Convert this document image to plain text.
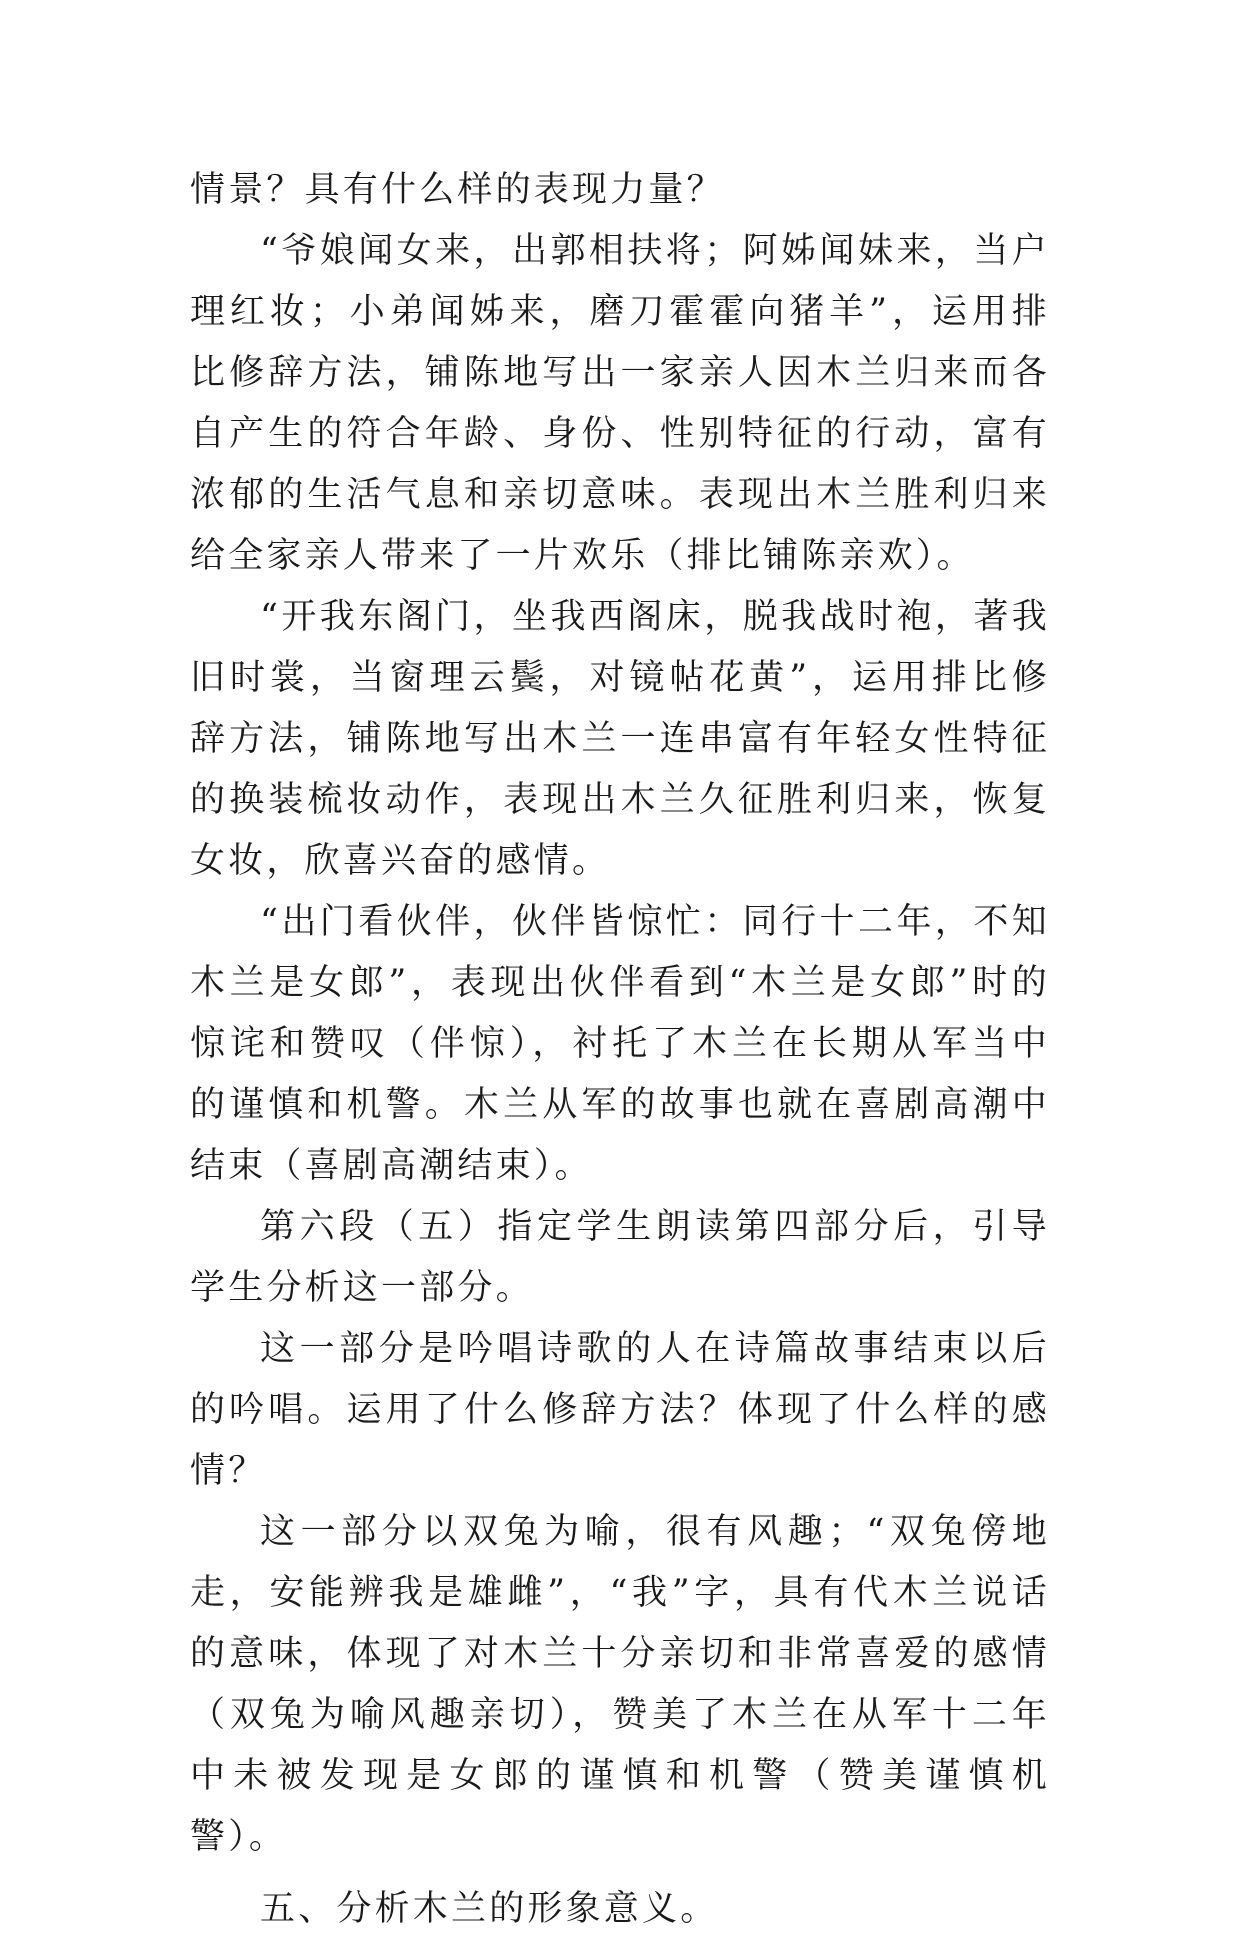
情景？具有什么样的表现力量？

“爷娘闻女来，出郭相扶将；阿姊闻妹来，当户理红妆；小弟闻姊来，磨刀霍霍向猪羊”，运用排比修辞方法，铺陈地写出一家亲人因木兰归来而各自产生的符合年龄、身份、性别特征的行动，富有浓郁的生活气息和亲切意味。表现出木兰胜利归来给全家亲人带来了一片欢乐（排比铺陈亲欢）。

“开我东阁门，坐我西阁床，脱我战时袍，著我旧时裳，当窗理云鬓，对镜帖花黄”，运用排比修辞方法，铺陈地写出木兰一连串富有年轻女性特征的换装梳妆动作，表现出木兰久征胜利归来，恢复女妆，欣喜兴奋的感情。

“出门看伙伴，伙伴皆惊忙：同行十二年，不知木兰是女郎”，表现出伙伴看到“木兰是女郎”时的惊诧和赞叹（伴惊），衬托了木兰在长期从军当中的谨慎和机警。木兰从军的故事也就在喜剧高潮中结束（喜剧高潮结束）。

第六段（五）指定学生朗读第四部分后，引导学生分析这一部分。

这一部分是吟唱诗歌的人在诗篇故事结束以后的吟唱。运用了什么修辞方法？体现了什么样的感情？

这一部分以双兔为喻，很有风趣；“双兔傍地走，安能辨我是雄雌”，“我”字，具有代木兰说话的意味，体现了对木兰十分亲切和非常喜爱的感情（双兔为喻风趣亲切），赞美了木兰在从军十二年中未被发现是女郎的谨慎和机警（赞美谨慎机警）。

五、分析木兰的形象意义。
